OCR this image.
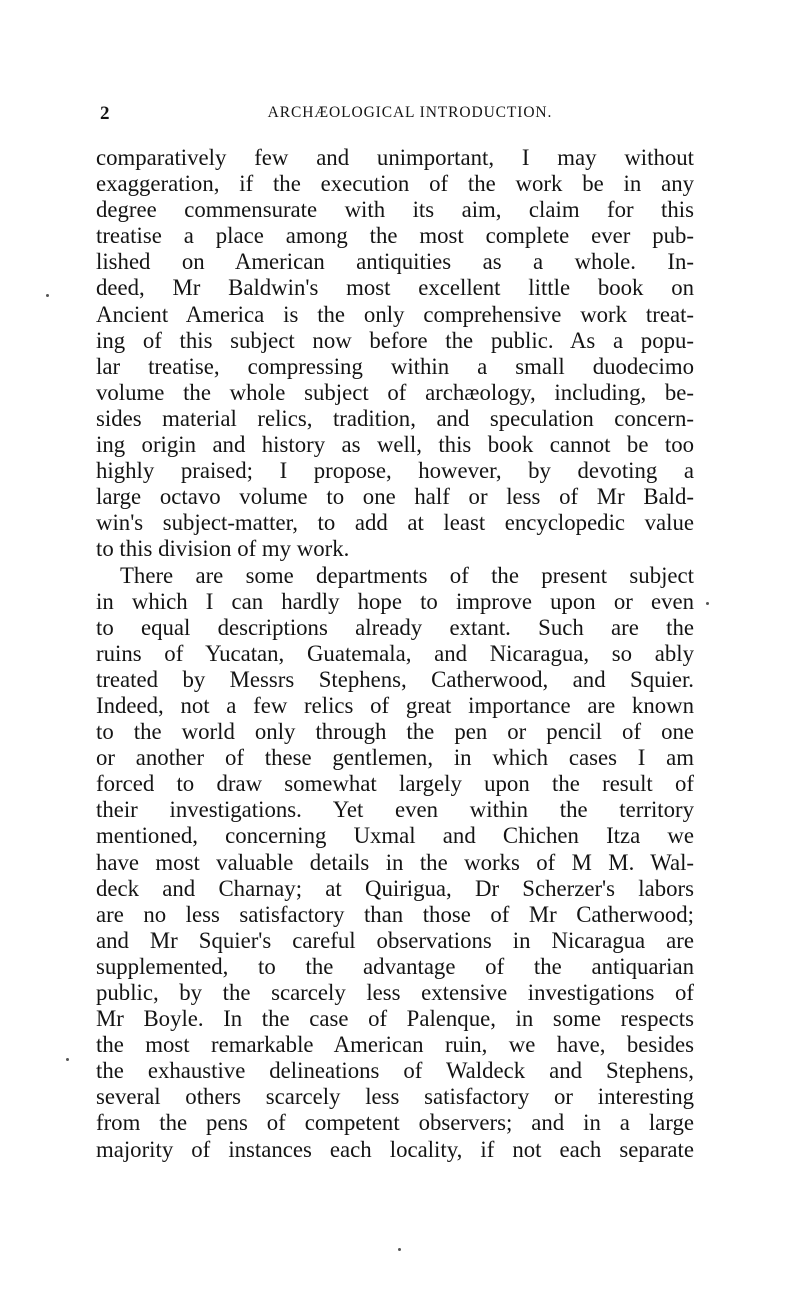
2	ARCHÆOLOGICAL INTRODUCTION.
comparatively few and unimportant, I may without
exaggeration, if the execution of the work be in any
degree commensurate with its aim, claim for this
treatise a place among the most complete ever pub-
lished on American antiquities as a whole. In-
deed, Mr Baldwin's most excellent little book on
Ancient America is the only comprehensive work treat-
ing of this subject now before the public. As a popu-
lar treatise, compressing within a small duodecimo
volume the whole subject of archæology, including, be-
sides material relics, tradition, and speculation concern-
ing origin and history as well, this book cannot be too
highly praised; I propose, however, by devoting a
large octavo volume to one half or less of Mr Bald-
win's subject-matter, to add at least encyclopedic value
to this division of my work.
There are some departments of the present subject
in which I can hardly hope to improve upon or even
to equal descriptions already extant. Such are the
ruins of Yucatan, Guatemala, and Nicaragua, so ably
treated by Messrs Stephens, Catherwood, and Squier.
Indeed, not a few relics of great importance are known
to the world only through the pen or pencil of one
or another of these gentlemen, in which cases I am
forced to draw somewhat largely upon the result of
their investigations. Yet even within the territory
mentioned, concerning Uxmal and Chichen Itza we
have most valuable details in the works of M M. Wal-
deck and Charnay; at Quirigua, Dr Scherzer's labors
are no less satisfactory than those of Mr Catherwood;
and Mr Squier's careful observations in Nicaragua are
supplemented, to the advantage of the antiquarian
public, by the scarcely less extensive investigations of
Mr Boyle. In the case of Palenque, in some respects
the most remarkable American ruin, we have, besides
the exhaustive delineations of Waldeck and Stephens,
several others scarcely less satisfactory or interesting
from the pens of competent observers; and in a large
majority of instances each locality, if not each separate
